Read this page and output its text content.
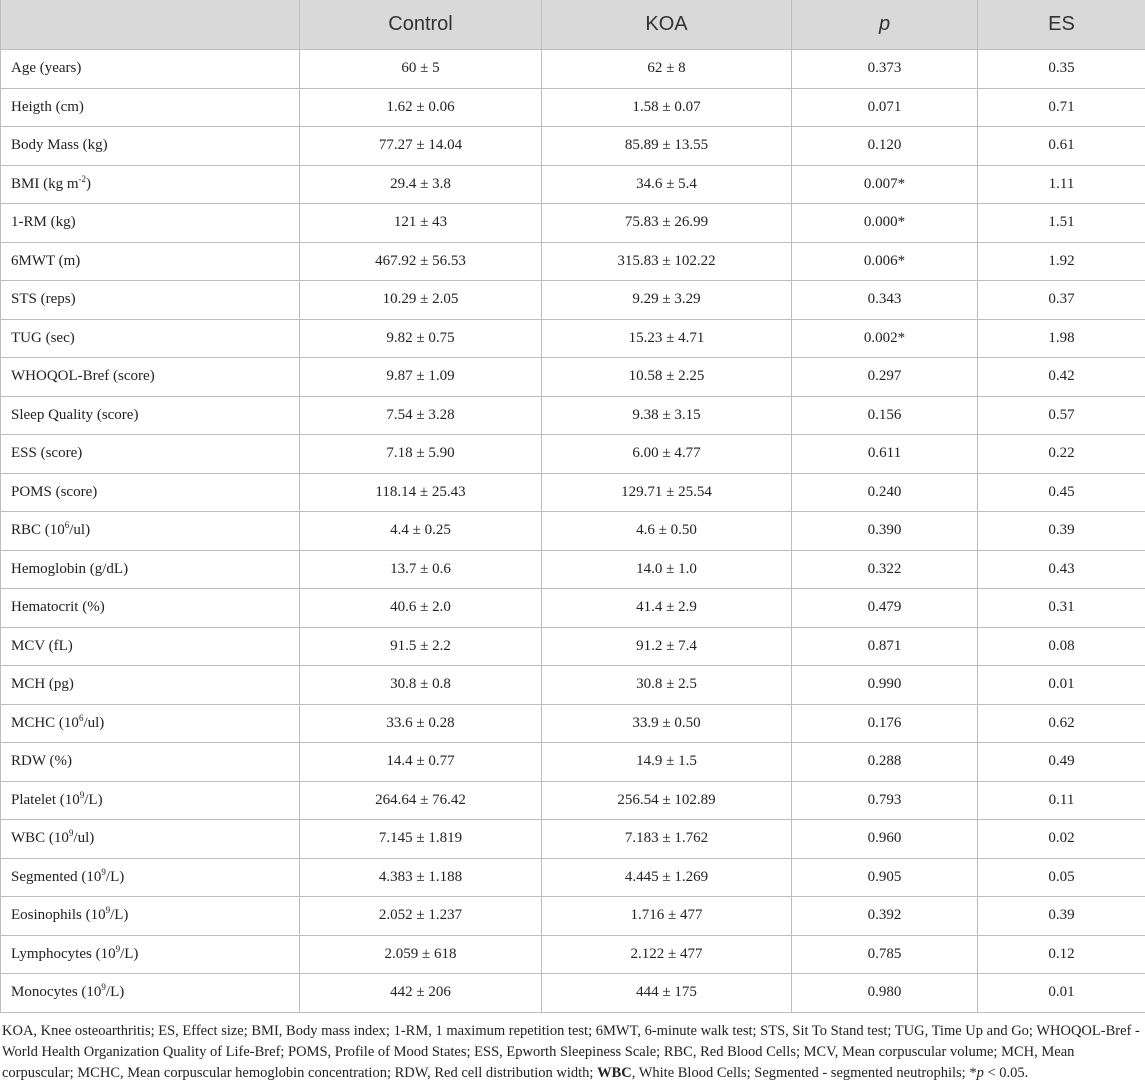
	Control	KOA	p	ES
Age (years)	60 ± 5	62 ± 8	0.373	0.35
Heigth (cm)	1.62 ± 0.06	1.58 ± 0.07	0.071	0.71
Body Mass (kg)	77.27 ± 14.04	85.89 ± 13.55	0.120	0.61
BMI (kg $m^{-2}$)	29.4 ± 3.8	34.6 ± 5.4	0.007*	1.11
1-RM (kg)	121 ± 43	75.83 ± 26.99	0.000*	1.51
6MWT (m)	467.92 ± 56.53	315.83 ± 102.22	0.006*	1.92
STS (reps)	10.29 ± 2.05	9.29 ± 3.29	0.343	0.37
TUG (sec)	9.82 ± 0.75	15.23 ± 4.71	0.002*	1.98
WHOQOL-Bref (score)	9.87 ± 1.09	10.58 ± 2.25	0.297	0.42
Sleep Quality (score)	7.54 ± 3.28	9.38 ± 3.15	0.156	0.57
ESS (score)	7.18 ± 5.90	6.00 ± 4.77	0.611	0.22
POMS (score)	118.14 ± 25.43	129.71 ± 25.54	0.240	0.45
RBC $(10^6/ul)$	4.4 ± 0.25	4.6 ± 0.50	0.390	0.39
Hemoglobin (g/dL)	13.7 ± 0.6	14.0 ± 1.0	0.322	0.43
Hematocrit (%)	40.6 ± 2.0	41.4 ± 2.9	0.479	0.31
MCV (fL)	91.5 ± 2.2	91.2 ± 7.4	0.871	0.08
MCH (pg)	30.8 ± 0.8	30.8 ± 2.5	0.990	0.01
MCHC $(10^6/ul)$	33.6 ± 0.28	33.9 ± 0.50	0.176	0.62
RDW (%)	14.4 ± 0.77	14.9 ± 1.5	0.288	0.49
Platelet $(10^9/L)$	264.64 ± 76.42	256.54 ± 102.89	0.793	0.11
WBC $(10^9/ul)$	7.145 ± 1.819	7.183 ± 1.762	0.960	0.02
Segmented $(10^9/L)$	4.383 ± 1.188	4.445 ± 1.269	0.905	0.05
Eosinophils $(10^9/L)$	2.052 ± 1.237	1.716 ± 477	0.392	0.39
Lymphocytes $(10^9/L)$	2.059 ± 618	2.122 ± 477	0.785	0.12
Monocytes $(10^9/L)$	442 ± 206	444 ± 175	0.980	0.01
KOA, Knee osteoarthritis; ES, Effect size; BMI, Body mass index; 1-RM, 1 maximum repetition test; 6MWT, 6-minute walk test; STS, Sit To Stand test; TUG, Time Up and Go; WHOQOL-Bref - World Health Organization Quality of Life-Bref; POMS, Profile of Mood States; ESS, Epworth Sleepiness Scale; RBC, Red Blood Cells; MCV, Mean corpuscular volume; MCH, Mean corpuscular; MCHC, Mean corpuscular hemoglobin concentration; RDW, Red cell distribution width; WBC, White Blood Cells; Segmented - segmented neutrophils; *p < 0.05.
